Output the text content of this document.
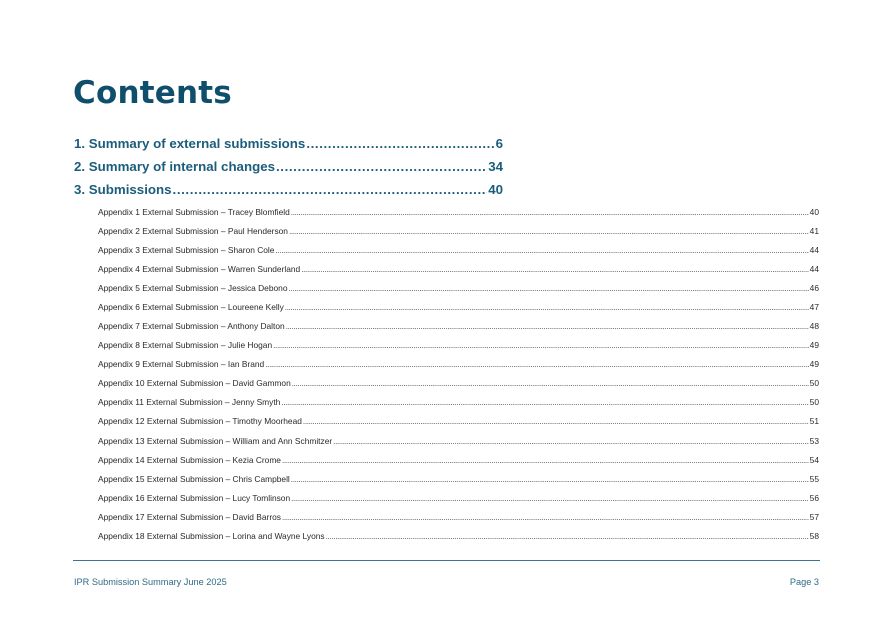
Contents
1. Summary of external submissions .....	6
2. Summary of internal changes .....	34
3. Submissions .....	40
Appendix 1 External Submission – Tracey Blomfield .....	40
Appendix 2 External Submission – Paul Henderson .....	41
Appendix 3 External Submission – Sharon Cole .....	44
Appendix 4 External Submission – Warren Sunderland .....	44
Appendix 5 External Submission – Jessica Debono .....	46
Appendix 6 External Submission – Loureene Kelly .....	47
Appendix 7 External Submission – Anthony Dalton .....	48
Appendix 8 External Submission – Julie Hogan .....	49
Appendix 9 External Submission – Ian Brand .....	49
Appendix 10 External Submission – David Gammon .....	50
Appendix 11 External Submission – Jenny Smyth .....	50
Appendix 12 External Submission – Timothy Moorhead .....	51
Appendix 13 External Submission – William and Ann Schmitzer .....	53
Appendix 14 External Submission – Kezia Crome .....	54
Appendix 15 External Submission – Chris Campbell .....	55
Appendix 16 External Submission – Lucy Tomlinson .....	56
Appendix 17 External Submission – David Barros .....	57
Appendix 18 External Submission – Lorina and Wayne Lyons .....	58
IPR Submission Summary June 2025	Page 3
